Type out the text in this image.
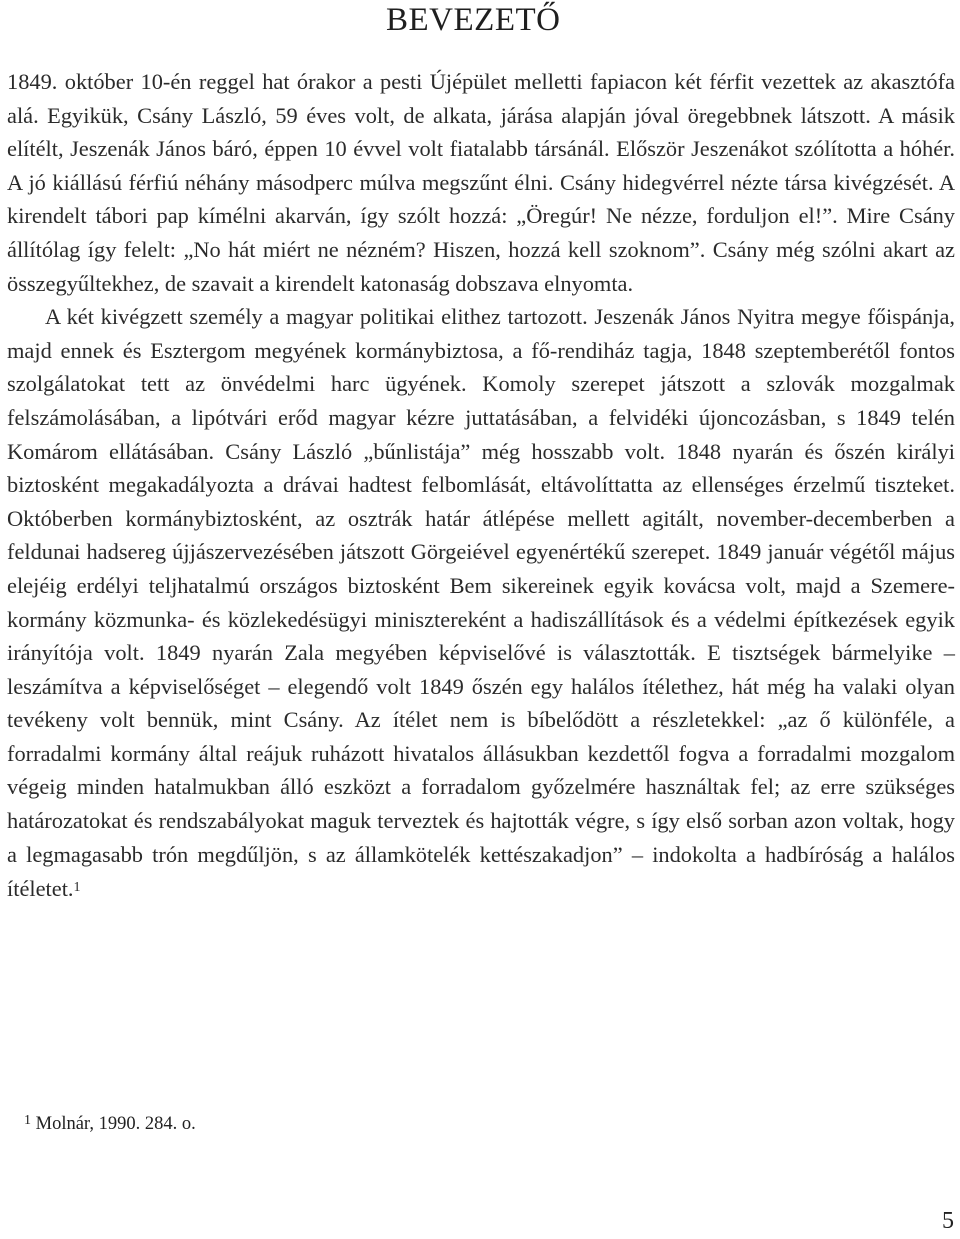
BEVEZETŐ

1849. október 10-én reggel hat órakor a pesti Újépület melletti fapiacon két férfit vezettek az akasztófa alá. Egyikük, Csány László, 59 éves volt, de alkata, járása alapján jóval öregebbnek látszott. A másik elítélt, Jeszenák János báró, éppen 10 évvel volt fiatalabb társánál. Először Jeszenákot szólította a hóhér. A jó kiállású férfiú néhány másodperc múlva megszűnt élni. Csány hidegvérrel nézte társa kivégzését. A kirendelt tábori pap kímélni akarván, így szólt hozzá: „Öregúr! Ne nézze, forduljon el!”. Mire Csány állítólag így felelt: „No hát miért ne nézném? Hiszen, hozzá kell szoknom”. Csány még szólni akart az összegyűltekhez, de szavait a kirendelt katonaság dobszava elnyomta.

A két kivégzett személy a magyar politikai elithez tartozott. Jeszenák János Nyitra megye főispánja, majd ennek és Esztergom megyének kormánybiztosa, a fő-rendiház tagja, 1848 szeptemberétől fontos szolgálatokat tett az önvédelmi harc ügyének. Komoly szerepet játszott a szlovák mozgalmak felszámolásában, a lipótvári erőd magyar kézre juttatásában, a felvidéki újoncozásban, s 1849 telén Komárom ellátásában. Csány László „bűnlistája” még hosszabb volt. 1848 nyarán és őszén királyi biztosként megakadályozta a drávai hadtest felbomlását, eltávolíttatta az ellenséges érzelmű tiszteket. Októberben kormánybiztosként, az osztrák határ átlépése mellett agitált, november-decemberben a feldunai hadsereg újjászervezésében játszott Görgeiével egyenértékű szerepet. 1849 január végétől május elejéig erdélyi teljhatalmú országos biztosként Bem sikereinek egyik kovácsa volt, majd a Szemerekormány közmunka- és közlekedésügyi minisztereként a hadiszállítások és a védelmi építkezések egyik irányítója volt. 1849 nyarán Zala megyében képviselővé is választották. E tisztségek bármelyike – leszámítva a képviselőséget – elegendő volt 1849 őszén egy halálos ítélethez, hát még ha valaki olyan tevékeny volt bennük, mint Csány. Az ítélet nem is bíbelődött a részletekkel: „az ő különféle, a forradalmi kormány által reájuk ruházott hivatalos állásukban kezdettől fogva a forradalmi mozgalom végeig minden hatalmukban álló eszközt a forradalom győzelmére használtak fel; az erre szükséges határozatokat és rendszabályokat maguk terveztek és hajtották végre, s így első sorban azon voltak, hogy a legmagasabb trón megdűljön, s az államkötelék kettészakadjon” – indokolta a hadbíróság a halálos ítéletet.$^1$

$^1$ Molnár, 1990. 284. o.
5
